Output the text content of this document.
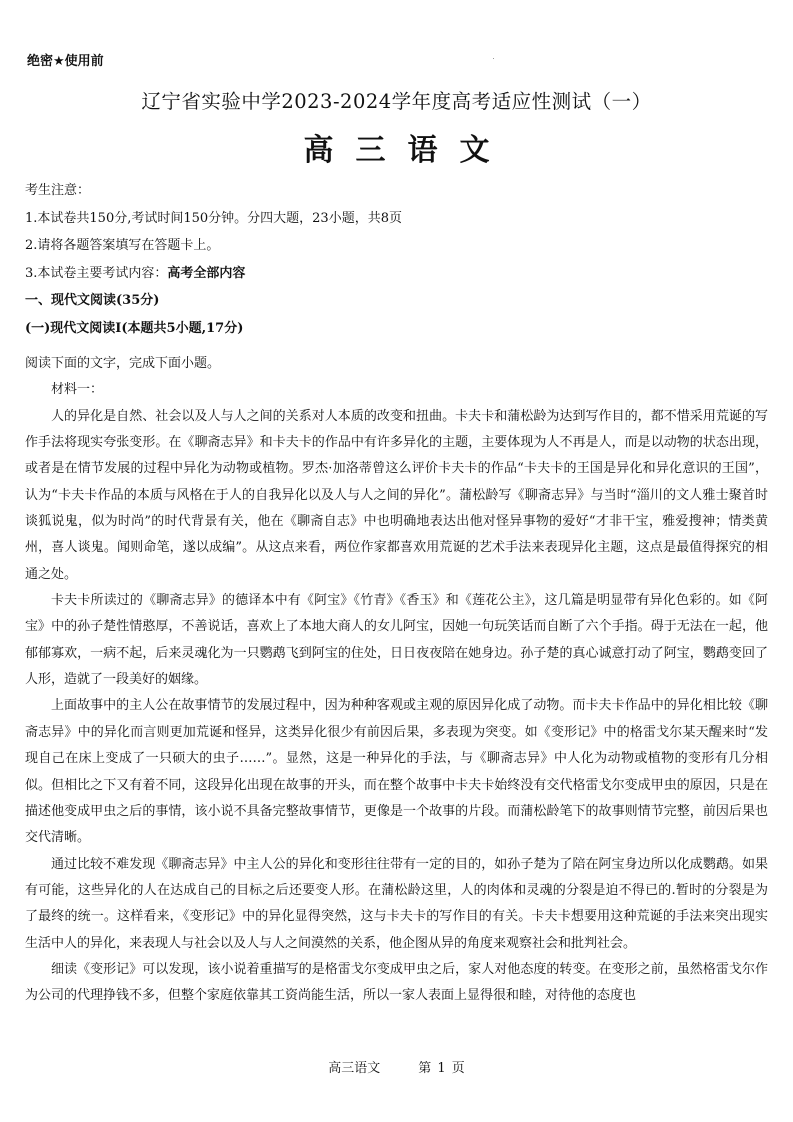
绝密★使用前
辽宁省实验中学2023-2024学年度高考适应性测试（一）
高三语文
考生注意：
1.本试卷共150分,考试时间150分钟。分四大题，23小题，共8页
2.请将各题答案填写在答题卡上。
3.本试卷主要考试内容：高考全部内容
一、现代文阅读(35分)
(一)现代文阅读Ⅰ(本题共5小题,17分)

阅读下面的文字，完成下面小题。

材料一：

人的异化是自然、社会以及人与人之间的关系对人本质的改变和扭曲。卡夫卡和蒲松龄为达到写作目的，都不惜采用荒诞的写作手法将现实夸张变形。在《聊斋志异》和卡夫卡的作品中有许多异化的主题，主要体现为人不再是人，而是以动物的状态出现，或者是在情节发展的过程中异化为动物或植物。罗杰·加洛蒂曾这么评价卡夫卡的作品“卡夫卡的王国是异化和异化意识的王国”，认为“卡夫卡作品的本质与风格在于人的自我异化以及人与人之间的异化”。蒲松龄写《聊斋志异》与当时“淄川的文人雅士聚首时谈狐说鬼，似为时尚”的时代背景有关，他在《聊斋自志》中也明确地表达出他对怪异事物的爱好“才非干宝，雅爱搜神；情类黄州，喜人谈鬼。闻则命笔，遂以成编”。从这点来看，两位作家都喜欢用荒诞的艺术手法来表现异化主题，这点是最值得探究的相通之处。

卡夫卡所读过的《聊斋志异》的德译本中有《阿宝》《竹青》《香玉》和《莲花公主》，这几篇是明显带有异化色彩的。如《阿宝》中的孙子楚性情憨厚，不善说话，喜欢上了本地大商人的女儿阿宝，因她一句玩笑话而自断了六个手指。碍于无法在一起，他郁郁寡欢，一病不起，后来灵魂化为一只鹦鹉飞到阿宝的住处，日日夜夜陪在她身边。孙子楚的真心诚意打动了阿宝，鹦鹉变回了人形，造就了一段美好的姻缘。

上面故事中的主人公在故事情节的发展过程中，因为种种客观或主观的原因异化成了动物。而卡夫卡作品中的异化相比较《聊斋志异》中的异化而言则更加荒诞和怪异，这类异化很少有前因后果，多表现为突变。如《变形记》中的格雷戈尔某天醒来时“发现自己在床上变成了一只硕大的虫子……”。显然，这是一种异化的手法，与《聊斋志异》中人化为动物或植物的变形有几分相似。但相比之下又有着不同，这段异化出现在故事的开头，而在整个故事中卡夫卡始终没有交代格雷戈尔变成甲虫的原因，只是在描述他变成甲虫之后的事情，该小说不具备完整故事情节，更像是一个故事的片段。而蒲松龄笔下的故事则情节完整，前因后果也交代清晰。

通过比较不难发现《聊斋志异》中主人公的异化和变形往往带有一定的目的，如孙子楚为了陪在阿宝身边所以化成鹦鹉。如果有可能，这些异化的人在达成自己的目标之后还要变人形。在蒲松龄这里，人的肉体和灵魂的分裂是迫不得已的.暂时的分裂是为了最终的统一。这样看来，《变形记》中的异化显得突然，这与卡夫卡的写作目的有关。卡夫卡想要用这种荒诞的手法来突出现实生活中人的异化，来表现人与社会以及人与人之间漠然的关系，他企图从异的角度来观察社会和批判社会。

细读《变形记》可以发现，该小说着重描写的是格雷戈尔变成甲虫之后，家人对他态度的转变。在变形之前，虽然格雷戈尔作为公司的代理挣钱不多，但整个家庭依靠其工资尚能生活，所以一家人表面上显得很和睦，对待他的态度也

高三语文	第 1 页
